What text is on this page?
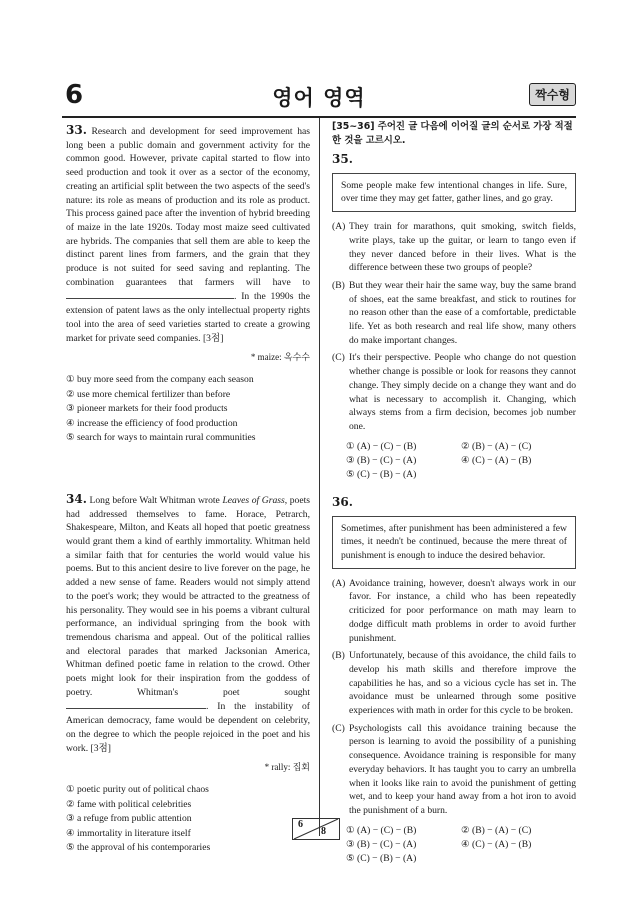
6	영어 영역	짝수형

33. Research and development for seed improvement has long been a public domain and government activity for the common good. However, private capital started to flow into seed production and took it over as a sector of the economy, creating an artificial split between the two aspects of the seed's nature: its role as means of production and its role as product. This process gained pace after the invention of hybrid breeding of maize in the late 1920s. Today most maize seed cultivated are hybrids. The companies that sell them are able to keep the distinct parent lines from farmers, and the grain that they produce is not suited for seed saving and replanting. The combination guarantees that farmers will have to . In the 1990s the extension of patent laws as the only intellectual property rights tool into the area of seed varieties started to create a growing market for private seed companies. [3점]

* maize: 옥수수
① buy more seed from the company each season
② use more chemical fertilizer than before
③ pioneer markets for their food products
④ increase the efficiency of food production
⑤ search for ways to maintain rural communities

34. Long before Walt Whitman wrote Leaves of Grass, poets had addressed themselves to fame. Horace, Petrarch, Shakespeare, Milton, and Keats all hoped that poetic greatness would grant them a kind of earthly immortality. Whitman held a similar faith that for centuries the world would value his poems. But to this ancient desire to live forever on the page, he added a new sense of fame. Readers would not simply attend to the poet's work; they would be attracted to the greatness of his personality. They would see in his poems a vibrant cultural performance, an individual springing from the book with tremendous charisma and appeal. Out of the political rallies and electoral parades that marked Jacksonian America, Whitman defined poetic fame in relation to the crowd. Other poets might look for their inspiration from the goddess of poetry. Whitman's poet sought . In the instability of American democracy, fame would be dependent on celebrity, on the degree to which the people rejoiced in the poet and his work. [3점]

* rally: 집회
① poetic purity out of political chaos
② fame with political celebrities
③ a refuge from public attention
④ immortality in literature itself
⑤ the approval of his contemporaries

[35~36] 주어진 글 다음에 이어질 글의 순서로 가장 적절한 것을 고르시오.

35.
Some people make few intentional changes in life. Sure, over time they may get fatter, gather lines, and go gray.
(A) They train for marathons, quit smoking, switch fields, write plays, take up the guitar, or learn to tango even if they never danced before in their lives. What is the difference between these two groups of people?
(B) But they wear their hair the same way, buy the same brand of shoes, eat the same breakfast, and stick to routines for no reason other than the ease of a comfortable, predictable life. Yet as both research and real life show, many others do make important changes.
(C) It's their perspective. People who change do not question whether change is possible or look for reasons they cannot change. They simply decide on a change they want and do what is necessary to accomplish it. Changing, which always stems from a firm decision, becomes job number one.
① (A) − (C) − (B)	② (B) − (A) − (C)
③ (B) − (C) − (A)	④ (C) − (A) − (B)
⑤ (C) − (B) − (A)
36.
Sometimes, after punishment has been administered a few times, it needn't be continued, because the mere threat of punishment is enough to induce the desired behavior.
(A) Avoidance training, however, doesn't always work in our favor. For instance, a child who has been repeatedly criticized for poor performance on math may learn to dodge difficult math problems in order to avoid further punishment.
(B) Unfortunately, because of this avoidance, the child fails to develop his math skills and therefore improve the capabilities he has, and so a vicious cycle has set in. The avoidance must be unlearned through some positive experiences with math in order for this cycle to be broken.
(C) Psychologists call this avoidance training because the person is learning to avoid the possibility of a punishing consequence. Avoidance training is responsible for many everyday behaviors. It has taught you to carry an umbrella when it looks like rain to avoid the punishment of getting wet, and to keep your hand away from a hot iron to avoid the punishment of a burn.
① (A) − (C) − (B)	② (B) − (A) − (C)
③ (B) − (C) − (A)	④ (C) − (A) − (B)
⑤ (C) − (B) − (A)
6
8
